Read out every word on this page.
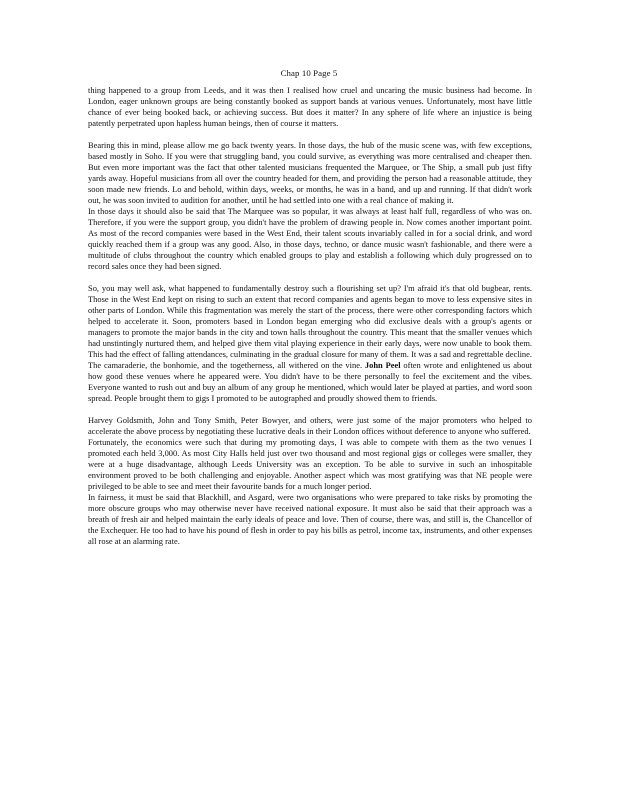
Chap 10 Page 5

thing happened to a group from Leeds, and it was then I realised how cruel and uncaring the music business had become. In London, eager unknown groups are being constantly booked as support bands at various venues. Unfortunately, most have little chance of ever being booked back, or achieving success. But does it matter? In any sphere of life where an injustice is being patently perpetrated upon hapless human beings, then of course it matters.

Bearing this in mind, please allow me go back twenty years. In those days, the hub of the music scene was, with few exceptions, based mostly in Soho. If you were that struggling band, you could survive, as everything was more centralised and cheaper then. But even more important was the fact that other talented musicians frequented the Marquee, or The Ship, a small pub just fifty yards away. Hopeful musicians from all over the country headed for them, and providing the person had a reasonable attitude, they soon made new friends. Lo and behold, within days, weeks, or months, he was in a band, and up and running. If that didn't work out, he was soon invited to audition for another, until he had settled into one with a real chance of making it.

In those days it should also be said that The Marquee was so popular, it was always at least half full, regardless of who was on. Therefore, if you were the support group, you didn't have the problem of drawing people in. Now comes another important point. As most of the record companies were based in the West End, their talent scouts invariably called in for a social drink, and word quickly reached them if a group was any good. Also, in those days, techno, or dance music wasn't fashionable, and there were a multitude of clubs throughout the country which enabled groups to play and establish a following which duly progressed on to record sales once they had been signed.

So, you may well ask, what happened to fundamentally destroy such a flourishing set up? I'm afraid it's that old bugbear, rents. Those in the West End kept on rising to such an extent that record companies and agents began to move to less expensive sites in other parts of London. While this fragmentation was merely the start of the process, there were other corresponding factors which helped to accelerate it. Soon, promoters based in London began emerging who did exclusive deals with a group's agents or managers to promote the major bands in the city and town halls throughout the country. This meant that the smaller venues which had unstintingly nurtured them, and helped give them vital playing experience in their early days, were now unable to book them. This had the effect of falling attendances, culminating in the gradual closure for many of them. It was a sad and regrettable decline. The camaraderie, the bonhomie, and the togetherness, all withered on the vine. John Peel often wrote and enlightened us about how good these venues where he appeared were. You didn't have to be there personally to feel the excitement and the vibes. Everyone wanted to rush out and buy an album of any group he mentioned, which would later be played at parties, and word soon spread. People brought them to gigs I promoted to be autographed and proudly showed them to friends.

Harvey Goldsmith, John and Tony Smith, Peter Bowyer, and others, were just some of the major promoters who helped to accelerate the above process by negotiating these lucrative deals in their London offices without deference to anyone who suffered.

Fortunately, the economics were such that during my promoting days, I was able to compete with them as the two venues I promoted each held 3,000. As most City Halls held just over two thousand and most regional gigs or colleges were smaller, they were at a huge disadvantage, although Leeds University was an exception. To be able to survive in such an inhospitable environment proved to be both challenging and enjoyable. Another aspect which was most gratifying was that NE people were privileged to be able to see and meet their favourite bands for a much longer period.

In fairness, it must be said that Blackhill, and Asgard, were two organisations who were prepared to take risks by promoting the more obscure groups who may otherwise never have received national exposure. It must also be said that their approach was a breath of fresh air and helped maintain the early ideals of peace and love. Then of course, there was, and still is, the Chancellor of the Exchequer. He too had to have his pound of flesh in order to pay his bills as petrol, income tax, instruments, and other expenses all rose at an alarming rate.
